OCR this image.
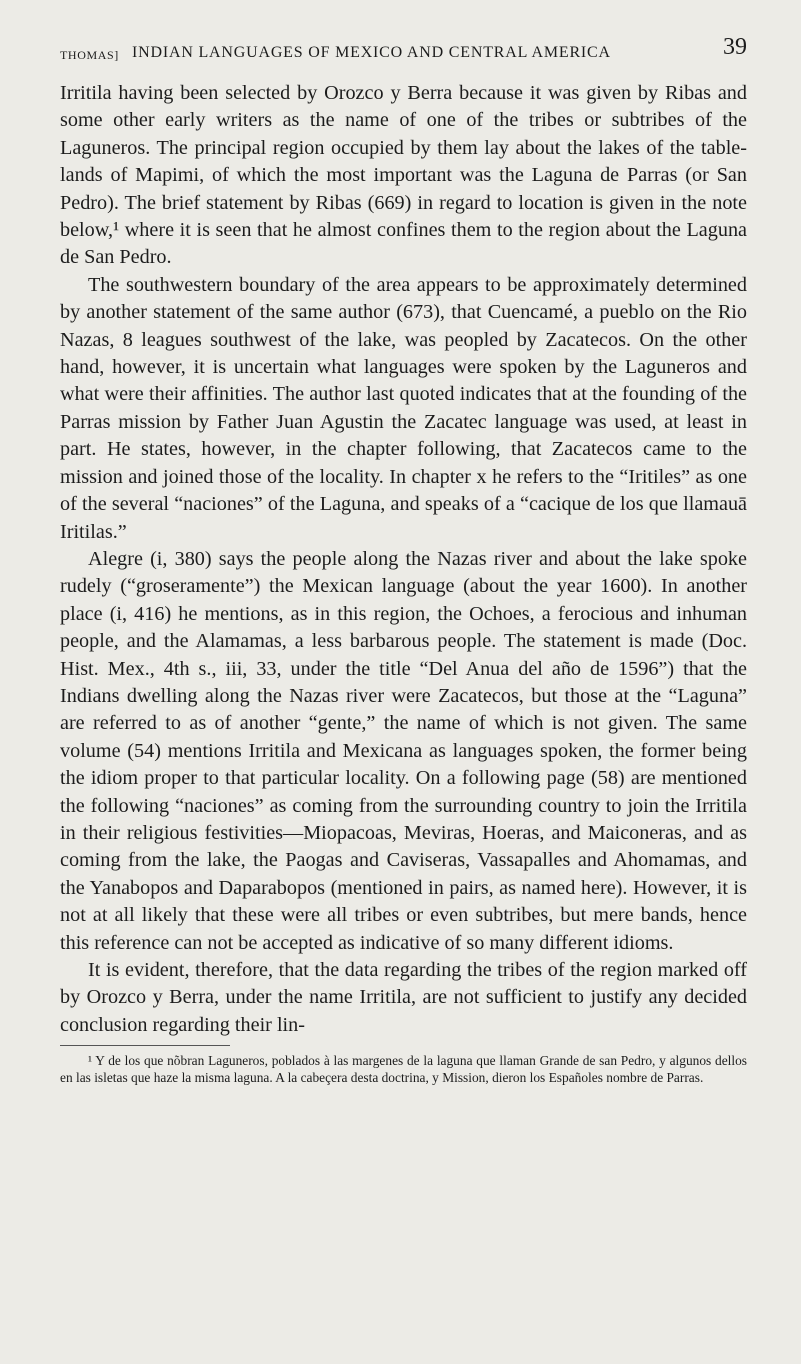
THOMAS] INDIAN LANGUAGES OF MEXICO AND CENTRAL AMERICA	39

Irritila having been selected by Orozco y Berra because it was given by Ribas and some other early writers as the name of one of the tribes or subtribes of the Laguneros. The principal region occupied by them lay about the lakes of the table-lands of Mapimi, of which the most important was the Laguna de Parras (or San Pedro). The brief statement by Ribas (669) in regard to location is given in the note below,¹ where it is seen that he almost confines them to the region about the Laguna de San Pedro.

The southwestern boundary of the area appears to be approximately determined by another statement of the same author (673), that Cuencamé, a pueblo on the Rio Nazas, 8 leagues southwest of the lake, was peopled by Zacatecos. On the other hand, however, it is uncertain what languages were spoken by the Laguneros and what were their affinities. The author last quoted indicates that at the founding of the Parras mission by Father Juan Agustin the Zacatec language was used, at least in part. He states, however, in the chapter following, that Zacatecos came to the mission and joined those of the locality. In chapter x he refers to the “Iritiles” as one of the several “naciones” of the Laguna, and speaks of a “cacique de los que llamauā Iritilas.”

Alegre (i, 380) says the people along the Nazas river and about the lake spoke rudely (“groseramente”) the Mexican language (about the year 1600). In another place (i, 416) he mentions, as in this region, the Ochoes, a ferocious and inhuman people, and the Alamamas, a less barbarous people. The statement is made (Doc. Hist. Mex., 4th s., iii, 33, under the title “Del Anua del año de 1596”) that the Indians dwelling along the Nazas river were Zacatecos, but those at the “Laguna” are referred to as of another “gente,” the name of which is not given. The same volume (54) mentions Irritila and Mexicana as languages spoken, the former being the idiom proper to that particular locality. On a following page (58) are mentioned the following “naciones” as coming from the surrounding country to join the Irritila in their religious festivities—Miopacoas, Meviras, Hoeras, and Maiconeras, and as coming from the lake, the Paogas and Caviseras, Vassapalles and Ahomamas, and the Yanabopos and Daparabopos (mentioned in pairs, as named here). However, it is not at all likely that these were all tribes or even subtribes, but mere bands, hence this reference can not be accepted as indicative of so many different idioms.

It is evident, therefore, that the data regarding the tribes of the region marked off by Orozco y Berra, under the name Irritila, are not sufficient to justify any decided conclusion regarding their lin-

¹ Y de los que nõbran Laguneros, poblados à las margenes de la laguna que llaman Grande de san Pedro, y algunos dellos en las isletas que haze la misma laguna. A la cabeçera desta doctrina, y Mission, dieron los Españoles nombre de Parras.
